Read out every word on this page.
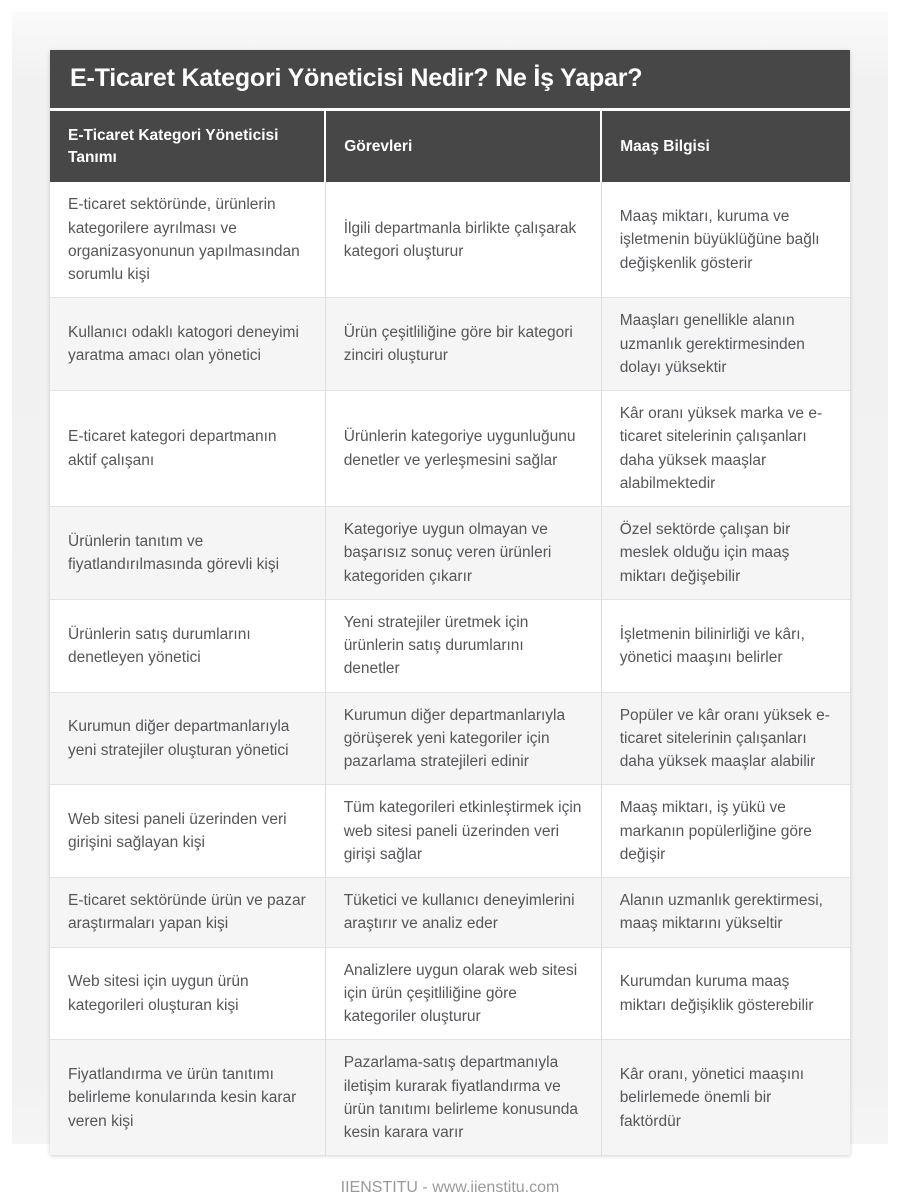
E-Ticaret Kategori Yöneticisi Nedir? Ne İş Yapar?
E-Ticaret Kategori Yöneticisi Tanımı	Görevleri	Maaş Bilgisi
E-ticaret sektöründe, ürünlerin kategorilere ayrılması ve organizasyonunun yapılmasından sorumlu kişi	İlgili departmanla birlikte çalışarak kategori oluşturur	Maaş miktarı, kuruma ve işletmenin büyüklüğüne bağlı değişkenlik gösterir
Kullanıcı odaklı katogori deneyimi yaratma amacı olan yönetici	Ürün çeşitliliğine göre bir kategori zinciri oluşturur	Maaşları genellikle alanın uzmanlık gerektirmesinden dolayı yüksektir
E-ticaret kategori departmanın aktif çalışanı	Ürünlerin kategoriye uygunluğunu denetler ve yerleşmesini sağlar	Kâr oranı yüksek marka ve e-ticaret sitelerinin çalışanları daha yüksek maaşlar alabilmektedir
Ürünlerin tanıtım ve fiyatlandırılmasında görevli kişi	Kategoriye uygun olmayan ve başarısız sonuç veren ürünleri kategoriden çıkarır	Özel sektörde çalışan bir meslek olduğu için maaş miktarı değişebilir
Ürünlerin satış durumlarını denetleyen yönetici	Yeni stratejiler üretmek için ürünlerin satış durumlarını denetler	İşletmenin bilinirliği ve kârı, yönetici maaşını belirler
Kurumun diğer departmanlarıyla yeni stratejiler oluşturan yönetici	Kurumun diğer departmanlarıyla görüşerek yeni kategoriler için pazarlama stratejileri edinir	Popüler ve kâr oranı yüksek e-ticaret sitelerinin çalışanları daha yüksek maaşlar alabilir
Web sitesi paneli üzerinden veri girişini sağlayan kişi	Tüm kategorileri etkinleştirmek için web sitesi paneli üzerinden veri girişi sağlar	Maaş miktarı, iş yükü ve markanın popülerliğine göre değişir
E-ticaret sektöründe ürün ve pazar araştırmaları yapan kişi	Tüketici ve kullanıcı deneyimlerini araştırır ve analiz eder	Alanın uzmanlık gerektirmesi, maaş miktarını yükseltir
Web sitesi için uygun ürün kategorileri oluşturan kişi	Analizlere uygun olarak web sitesi için ürün çeşitliliğine göre kategoriler oluşturur	Kurumdan kuruma maaş miktarı değişiklik gösterebilir
Fiyatlandırma ve ürün tanıtımı belirleme konularında kesin karar veren kişi	Pazarlama-satış departmanıyla iletişim kurarak fiyatlandırma ve ürün tanıtımı belirleme konusunda kesin karara varır	Kâr oranı, yönetici maaşını belirlemede önemli bir faktördür
IIENSTITU - www.iienstitu.com
